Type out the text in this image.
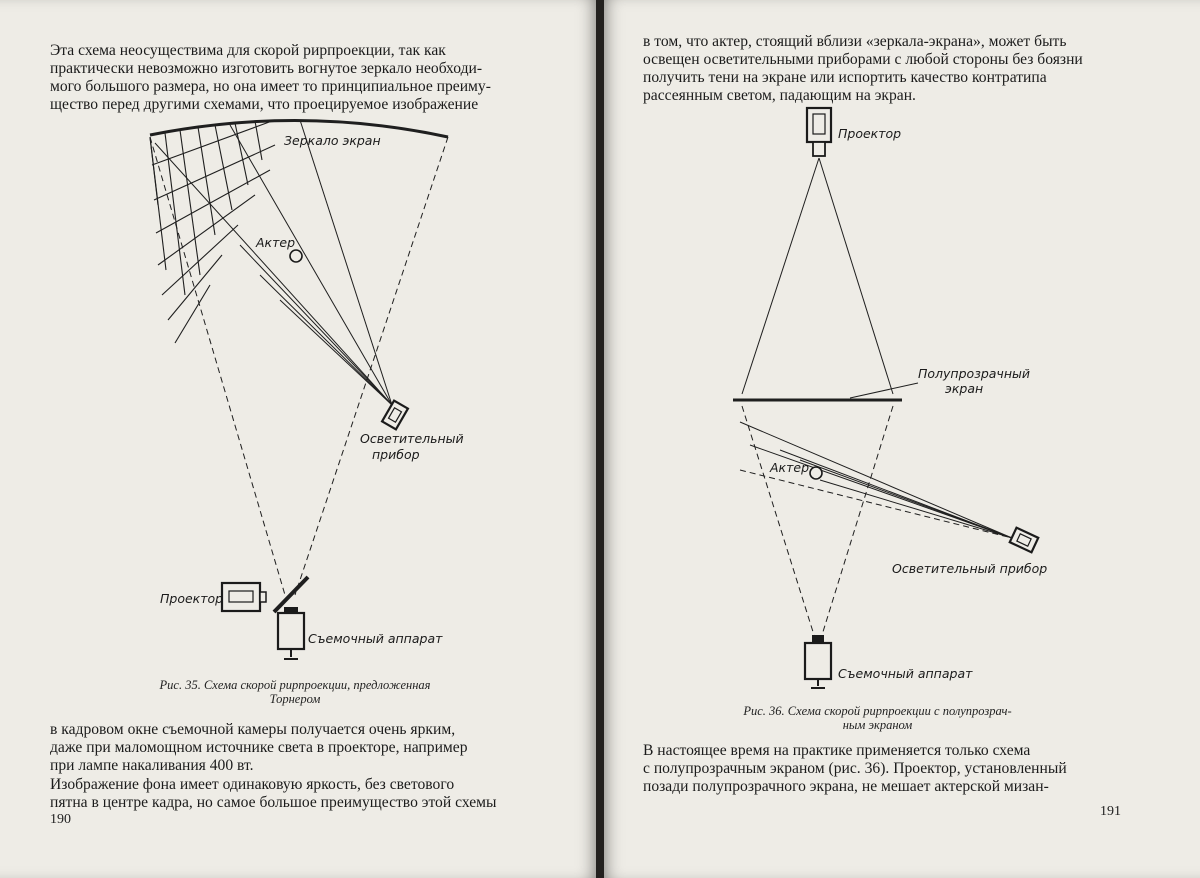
Эта схема неосуществима для скорой рирпроекции, так как
практически невозможно изготовить вогнутое зеркало необходи-
мого большого размера, но она имеет то принципиальное преиму-
щество перед другими схемами, что проецируемое изображение

Зеркало экран
Актер
Осветительный
прибор
Проектор
Съемочный аппарат

Рис. 35. Схема скорой рирпроекции, предложенная
Торнером

в кадровом окне съемочной камеры получается очень ярким,
даже при маломощном источнике света в проекторе, например
при лампе накаливания 400 вт.

Изображение фона имеет одинаковую яркость, без светового
пятна в центре кадра, но самое большое преимущество этой схемы

190

в том, что актер, стоящий вблизи «зеркала-экрана», может быть
освещен осветительными приборами с любой стороны без боязни
получить тени на экране или испортить качество контратипа
рассеянным светом, падающим на экран.

Проектор
Полупрозрачный
экран
Актер
Осветительный прибор
Съемочный аппарат

Рис. 36. Схема скорой рирпроекции с полупрозрач-
ным экраном

В настоящее время на практике применяется только схема
с полупрозрачным экраном (рис. 36). Проектор, установленный
позади полупрозрачного экрана, не мешает актерской мизан-

191
